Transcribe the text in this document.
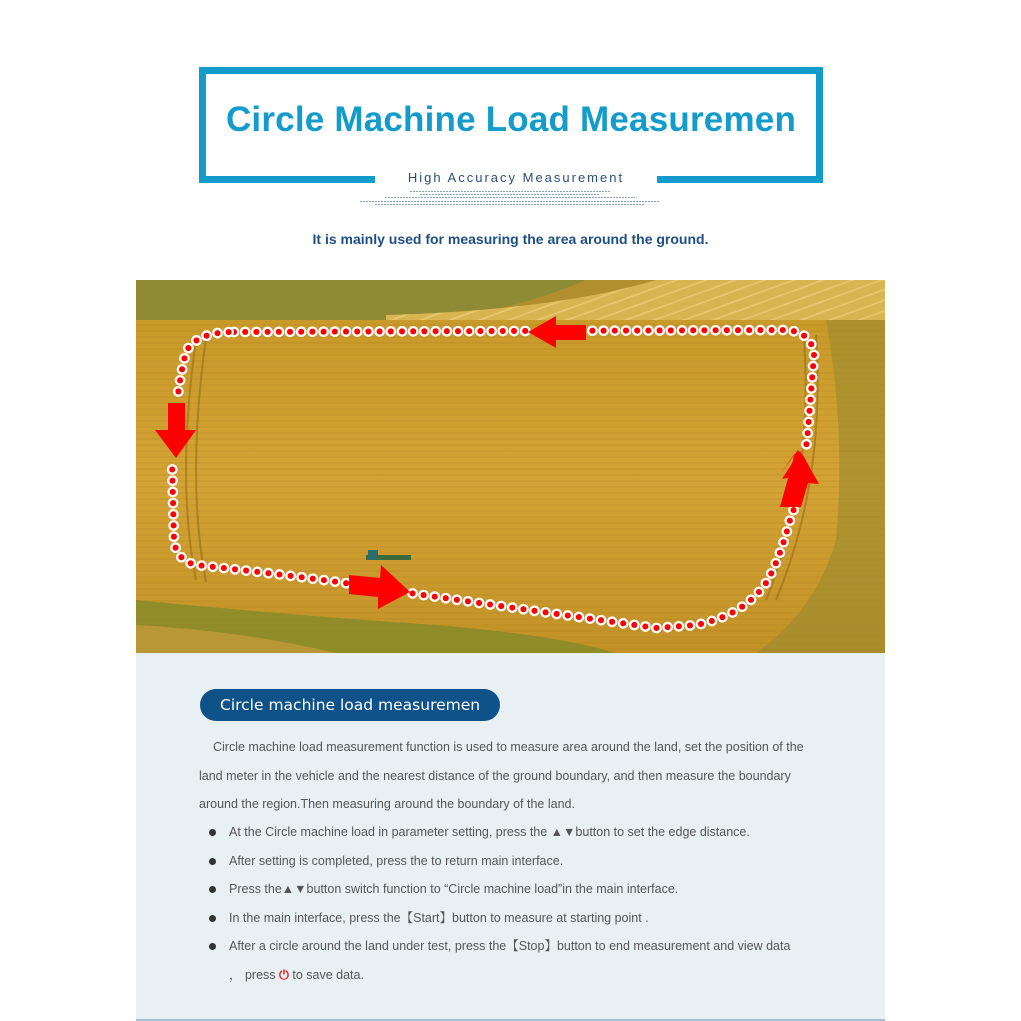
Circle Machine Load Measuremen
High Accuracy Measurement
It is mainly used for measuring the area around the ground.
Circle machine load measuremen
Circle machine load measurement function is used to measure area around the land, set the position of the land meter in the vehicle and the nearest distance of the ground boundary, and then measure the boundary around the region.Then measuring around the boundary of the land.
At the Circle machine load in parameter setting, press the ▲▼button to set the edge distance.
After setting is completed, press the to return main interface.
Press the▲▼button switch function to “Circle machine load”in the main interface.
In the main interface, press the【Start】button to measure at starting point .
After a circle around the land under test, press the【Stop】button to end measurement and view data
， press ⏻ to save data.
